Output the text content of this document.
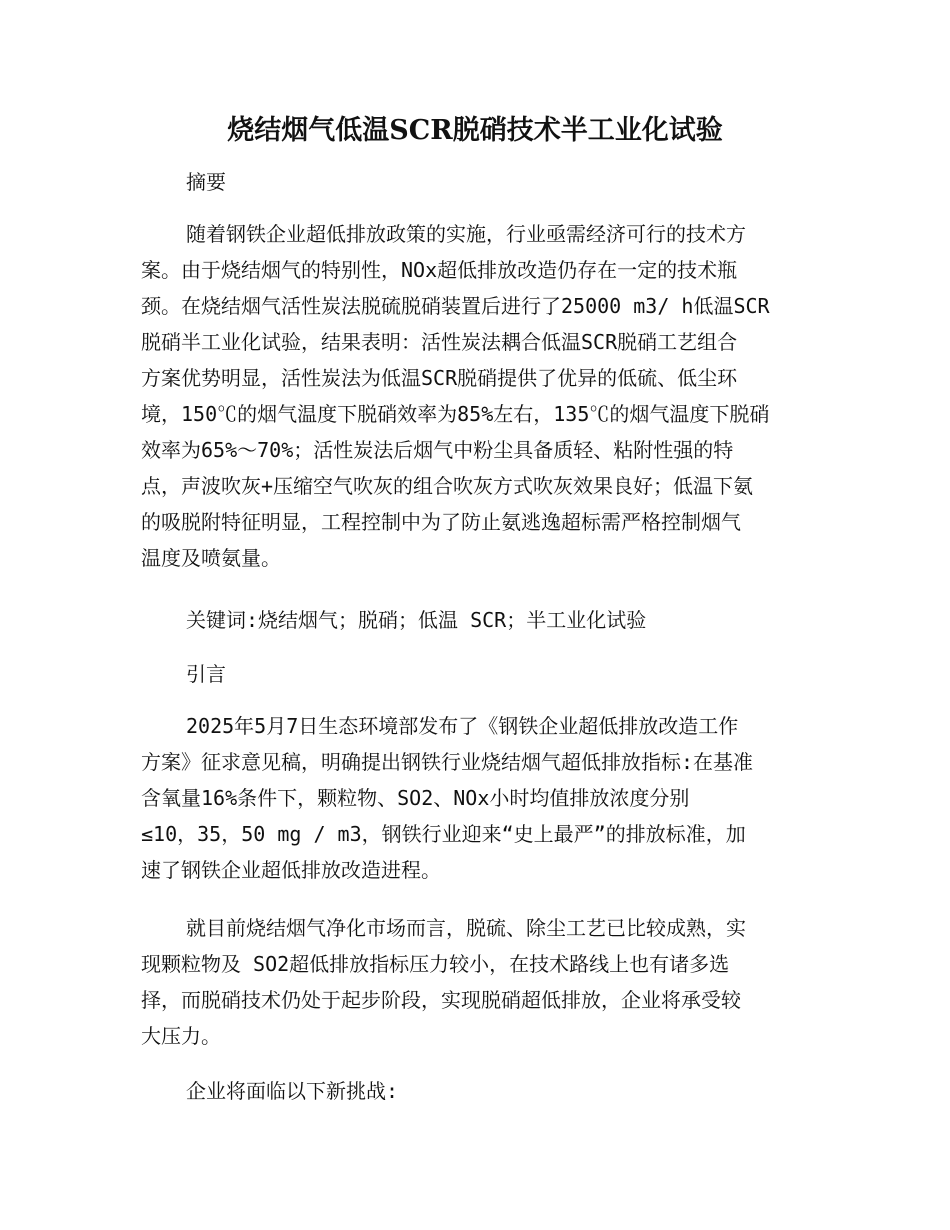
烧结烟气低温SCR脱硝技术半工业化试验
摘要
随着钢铁企业超低排放政策的实施，行业亟需经济可行的技术方
案。由于烧结烟气的特别性，NOx超低排放改造仍存在一定的技术瓶
颈。在烧结烟气活性炭法脱硫脱硝装置后进行了25000 m3/ h低温SCR
脱硝半工业化试验，结果表明：活性炭法耦合低温SCR脱硝工艺组合
方案优势明显，活性炭法为低温SCR脱硝提供了优异的低硫、低尘环
境，150℃的烟气温度下脱硝效率为85%左右，135℃的烟气温度下脱硝
效率为65%～70%；活性炭法后烟气中粉尘具备质轻、粘附性强的特
点，声波吹灰+压缩空气吹灰的组合吹灰方式吹灰效果良好；低温下氨
的吸脱附特征明显，工程控制中为了防止氨逃逸超标需严格控制烟气
温度及喷氨量。
关键词:烧结烟气；脱硝；低温 SCR；半工业化试验
引言
2025年5月7日生态环境部发布了《钢铁企业超低排放改造工作
方案》征求意见稿，明确提出钢铁行业烧结烟气超低排放指标:在基准
含氧量16%条件下，颗粒物、SO2、NOx小时均值排放浓度分别
≤10，35，50 mg / m3，钢铁行业迎来“史上最严”的排放标准，加
速了钢铁企业超低排放改造进程。
就目前烧结烟气净化市场而言，脱硫、除尘工艺已比较成熟，实
现颗粒物及 SO2超低排放指标压力较小，在技术路线上也有诸多选
择，而脱硝技术仍处于起步阶段，实现脱硝超低排放，企业将承受较
大压力。
企业将面临以下新挑战:
